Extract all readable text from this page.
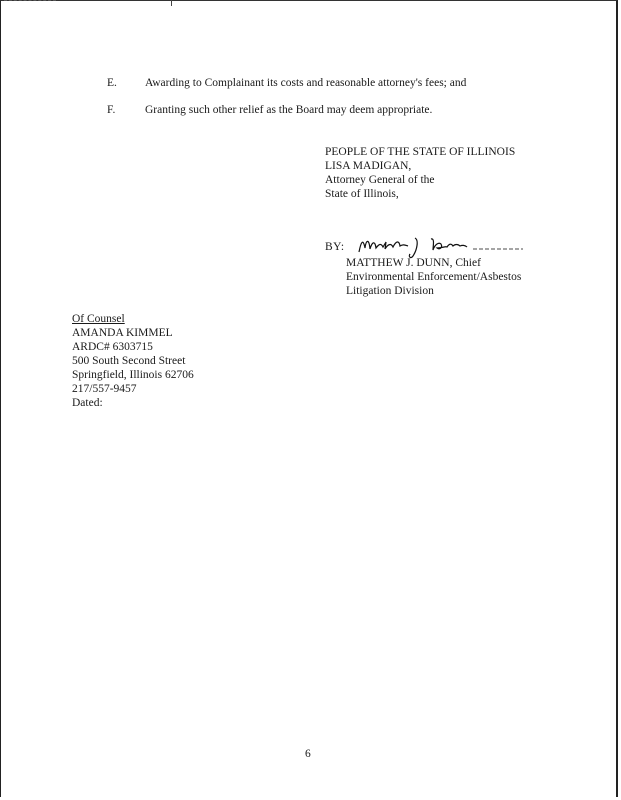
E. Awarding to Complainant its costs and reasonable attorney's fees; and
F.	Granting such other relief as the Board may deem appropriate.
PEOPLE OF THE STATE OF ILLINOIS
LISA MADIGAN,
Attorney General of the
State of Illinois,
BY:
MATTHEW J. DUNN, Chief
Environmental Enforcement/Asbestos
Litigation Division
Of Counsel
AMANDA KIMMEL
ARDC# 6303715
500 South Second Street
Springfield, Illinois 62706
217/557-9457
Dated:
6
